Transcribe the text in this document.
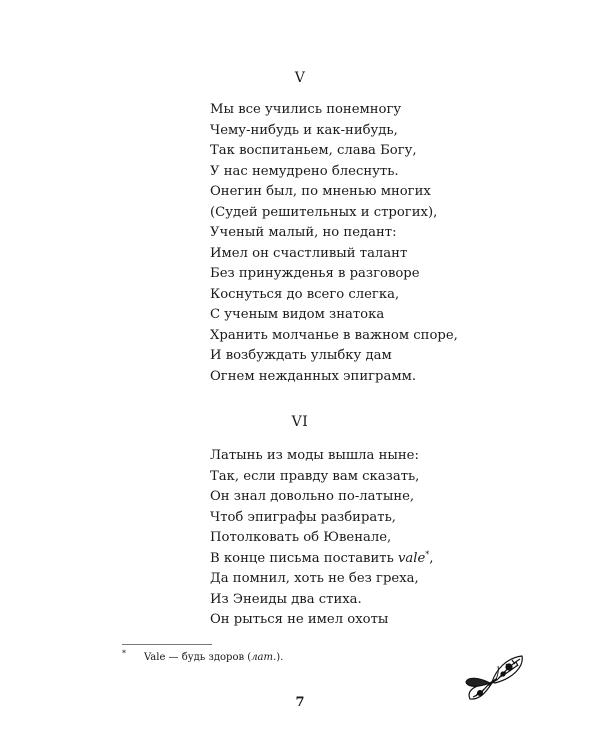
V
Мы все учились понемногу
Чему-нибудь и как-нибудь,
Так воспитаньем, слава Богу,
У нас немудрено блеснуть.
Онегин был, по мненью многих
(Судей решительных и строгих),
Ученый малый, но педант:
Имел он счастливый талант
Без принужденья в разговоре
Коснуться до всего слегка,
С ученым видом знатока
Хранить молчанье в важном споре,
И возбуждать улыбку дам
Огнем нежданных эпиграмм.
VI
Латынь из моды вышла ныне:
Так, если правду вам сказать,
Он знал довольно по-латыне,
Чтоб эпиграфы разбирать,
Потолковать об Ювенале,
В конце письма поставить vale*,
Да помнил, хоть не без греха,
Из Энеиды два стиха.
Он рыться не имел охоты
* Vale — будь здоров (лат.).
7
